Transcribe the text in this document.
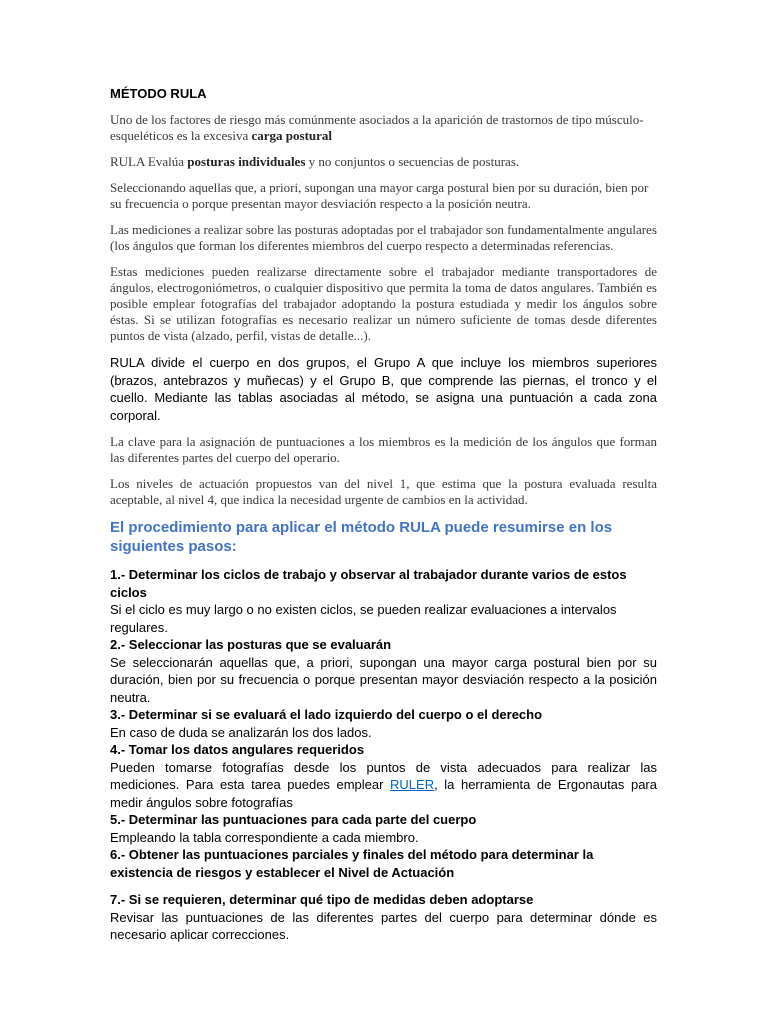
MÉTODO RULA

Uno de los factores de riesgo más comúnmente asociados a la aparición de trastornos de tipo músculo-esqueléticos es la excesiva carga postural

RULA Evalúa posturas individuales y no conjuntos o secuencias de posturas.

Seleccionando aquellas que, a priori, supongan una mayor carga postural bien por su duración, bien por su frecuencia o porque presentan mayor desviación respecto a la posición neutra.

Las mediciones a realizar sobre las posturas adoptadas por el trabajador son fundamentalmente angulares (los ángulos que forman los diferentes miembros del cuerpo respecto a determinadas referencias.

Estas mediciones pueden realizarse directamente sobre el trabajador mediante transportadores de ángulos, electrogoniómetros, o cualquier dispositivo que permita la toma de datos angulares. También es posible emplear fotografías del trabajador adoptando la postura estudiada y medir los ángulos sobre éstas. Si se utilizan fotografías es necesario realizar un número suficiente de tomas desde diferentes puntos de vista (alzado, perfil, vistas de detalle...).

RULA divide el cuerpo en dos grupos, el Grupo A que incluye los miembros superiores (brazos, antebrazos y muñecas) y el Grupo B, que comprende las piernas, el tronco y el cuello. Mediante las tablas asociadas al método, se asigna una puntuación a cada zona corporal.

La clave para la asignación de puntuaciones a los miembros es la medición de los ángulos que forman las diferentes partes del cuerpo del operario.

Los niveles de actuación propuestos van del nivel 1, que estima que la postura evaluada resulta aceptable, al nivel 4, que indica la necesidad urgente de cambios en la actividad.

El procedimiento para aplicar el método RULA puede resumirse en los siguientes pasos:

1.- Determinar los ciclos de trabajo y observar al trabajador durante varios de estos ciclos

Si el ciclo es muy largo o no existen ciclos, se pueden realizar evaluaciones a intervalos regulares.

2.- Seleccionar las posturas que se evaluarán

Se seleccionarán aquellas que, a priori, supongan una mayor carga postural bien por su duración, bien por su frecuencia o porque presentan mayor desviación respecto a la posición neutra.

3.- Determinar si se evaluará el lado izquierdo del cuerpo o el derecho

En caso de duda se analizarán los dos lados.

4.- Tomar los datos angulares requeridos

Pueden tomarse fotografías desde los puntos de vista adecuados para realizar las mediciones. Para esta tarea puedes emplear RULER, la herramienta de Ergonautas para medir ángulos sobre fotografías

5.- Determinar las puntuaciones para cada parte del cuerpo

Empleando la tabla correspondiente a cada miembro.

6.- Obtener las puntuaciones parciales y finales del método para determinar la existencia de riesgos y establecer el Nivel de Actuación

7.- Si se requieren, determinar qué tipo de medidas deben adoptarse

Revisar las puntuaciones de las diferentes partes del cuerpo para determinar dónde es necesario aplicar correcciones.
